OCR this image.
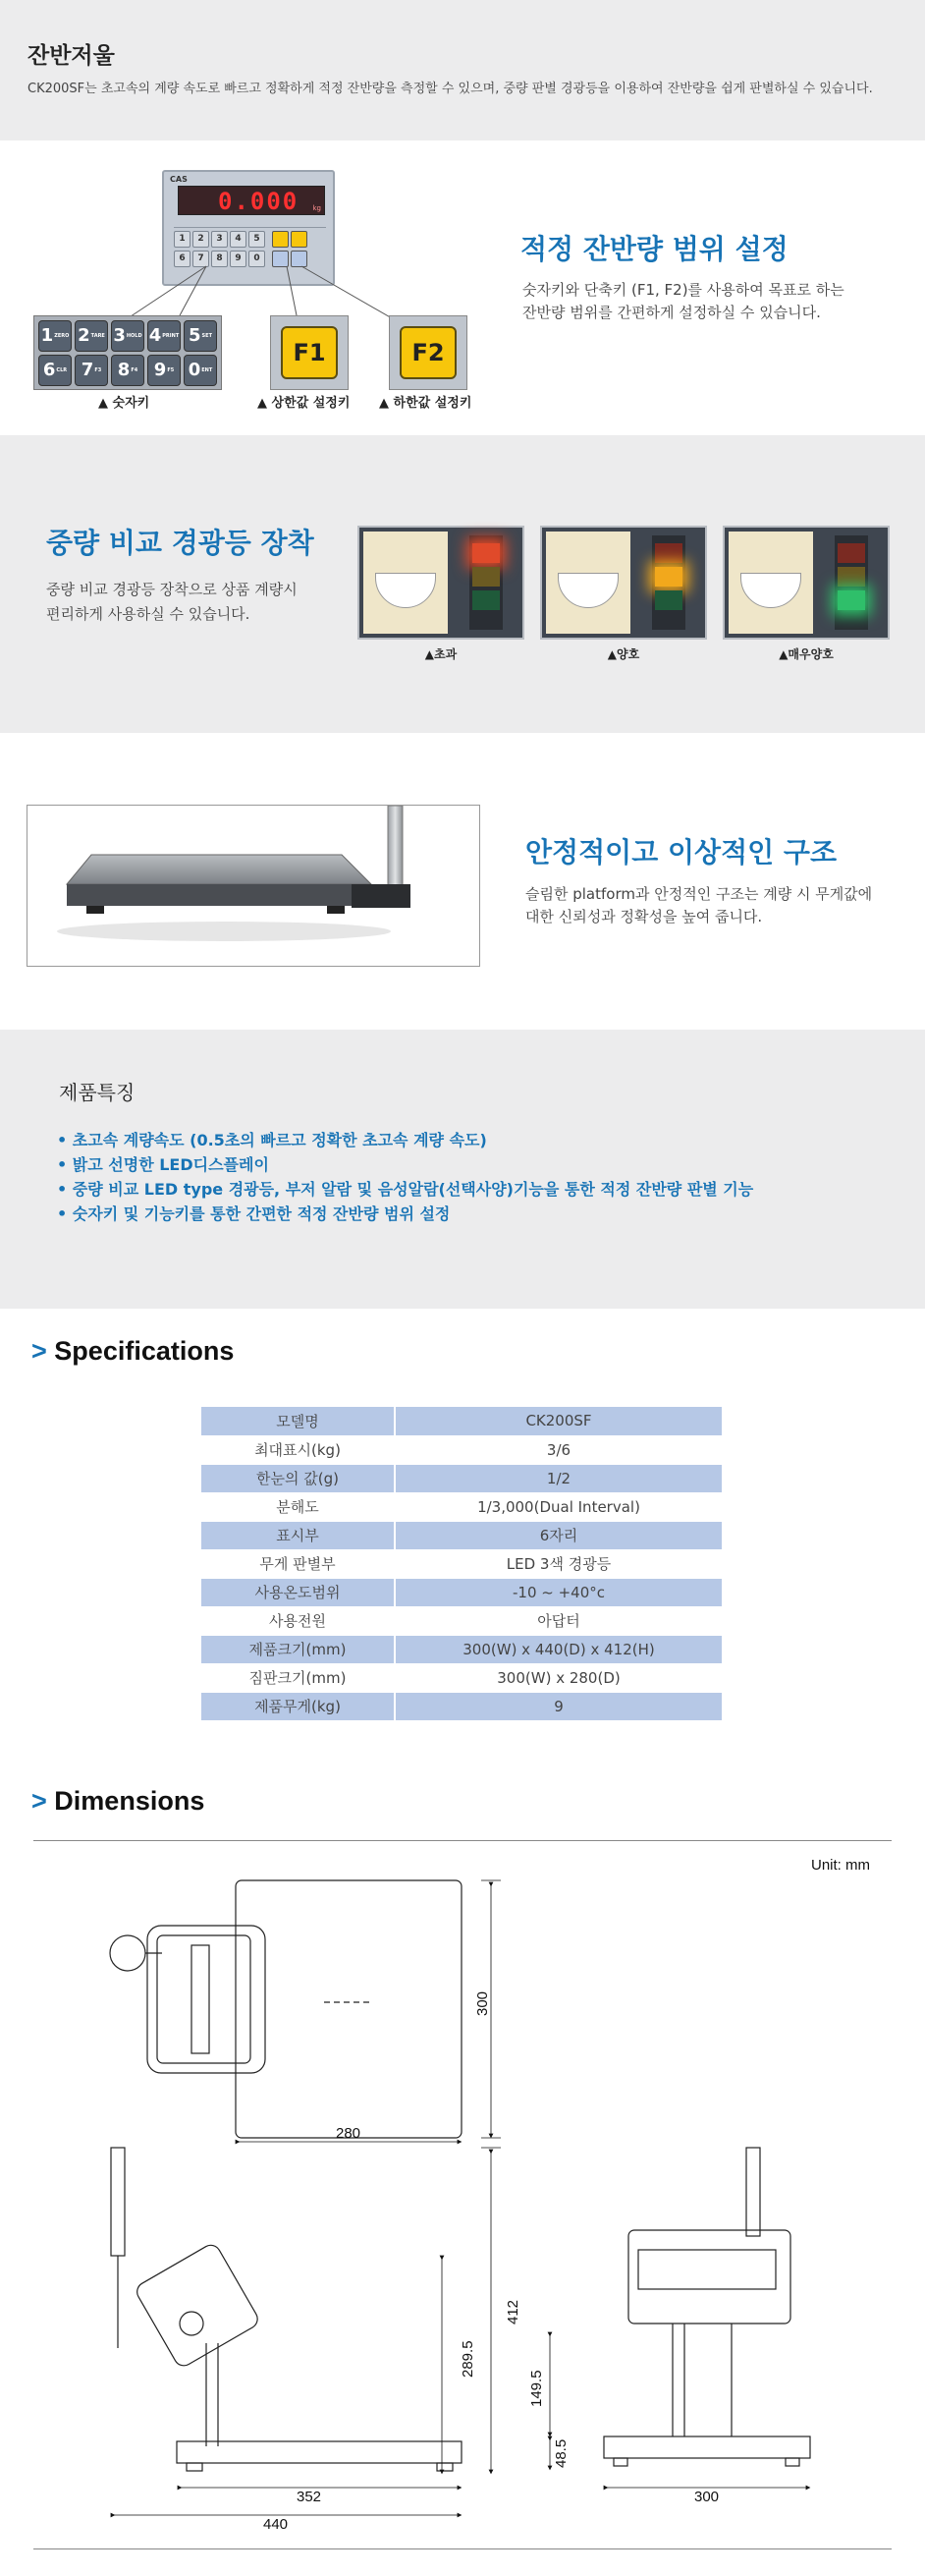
잔반저울
CK200SF는 초고속의 계량 속도로 빠르고 정확하게 적정 잔반량을 측정할 수 있으며, 중량 판별 경광등을 이용하여 잔반량을 쉽게 판별하실 수 있습니다.
CAS
0.000 kg
1	2	3	4	5
6	7	8	9	0
1ZERO 2TARE 3HOLD 4PRINT 5SET
6CLR 7F3 8F4 9F5 0ENT
F1	F2
▲ 숫자키	▲ 상한값 설정키 ▲ 하한값 설정키
적정 잔반량 범위 설정
숫자키와 단축키 (F1, F2)를 사용하여 목표로 하는
잔반량 범위를 간편하게 설정하실 수 있습니다.
중량 비교 경광등 장착
중량 비교 경광등 장착으로 상품 계량시
편리하게 사용하실 수 있습니다.
▲초과	▲양호	▲매우양호
안정적이고 이상적인 구조
슬림한 platform과 안정적인 구조는 계량 시 무게값에
대한 신뢰성과 정확성을 높여 줍니다.
제품특징
• 초고속 계량속도 (0.5초의 빠르고 정확한 초고속 계량 속도)
• 밝고 선명한 LED디스플레이
• 중량 비교 LED type 경광등, 부저 알람 및 음성알람(선택사양)기능을 통한 적정 잔반량 판별 기능
• 숫자키 및 기능키를 통한 간편한 적정 잔반량 범위 설정
> Specifications
모델명	CK200SF
최대표시(kg)	3/6
한눈의 값(g)	1/2
분해도	1/3,000(Dual Interval)
표시부	6자리
무게 판별부	LED 3색 경광등
사용온도범위	-10 ~ +40°c
사용전원	아답터
제품크기(mm)	300(W) x 440(D) x 412(H)
짐판크기(mm)	300(W) x 280(D)
제품무게(kg)	9
> Dimensions
Unit: mm
280
300
412
289.5
352
440
149.5
48.5
300
